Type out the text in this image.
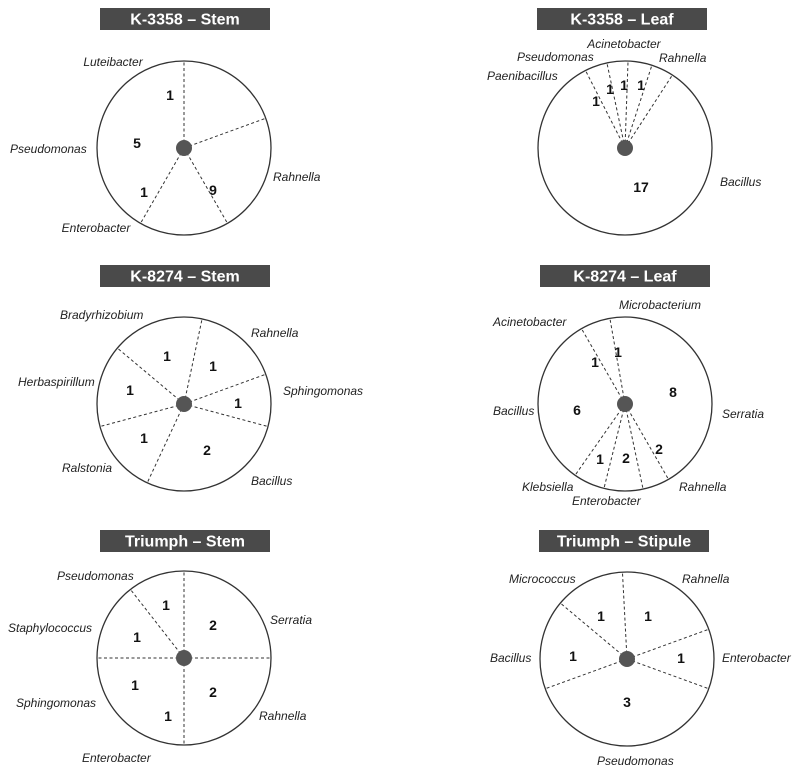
K-3358 – Stem
1
Luteibacter
9
Rahnella
1
Enterobacter
5
Pseudomonas
K-3358 – Leaf
1
Acinetobacter
1
Rahnella
17	Bacillus
1
Paenibacillus
1
Pseudomonas
K-8274 – Stem
1
Rahnella
1
Sphingomonas
2
Bacillus
1
Ralstonia
1
Herbaspirillum
1
Bradyrhizobium
K-8274 – Leaf
1
Microbacterium
8
Serratia
2
Rahnella
2
Enterobacter
1
Klebsiella
6
Bacillus
1
Acinetobacter
Triumph – Stem
2	Serratia
2
Rahnella
1
Enterobacter
1
Sphingomonas
1
Staphylococcus
1
Pseudomonas
Triumph – Stipule
1
Rahnella
1	Enterobacter
3
Pseudomonas
1
Bacillus
1
Micrococcus
